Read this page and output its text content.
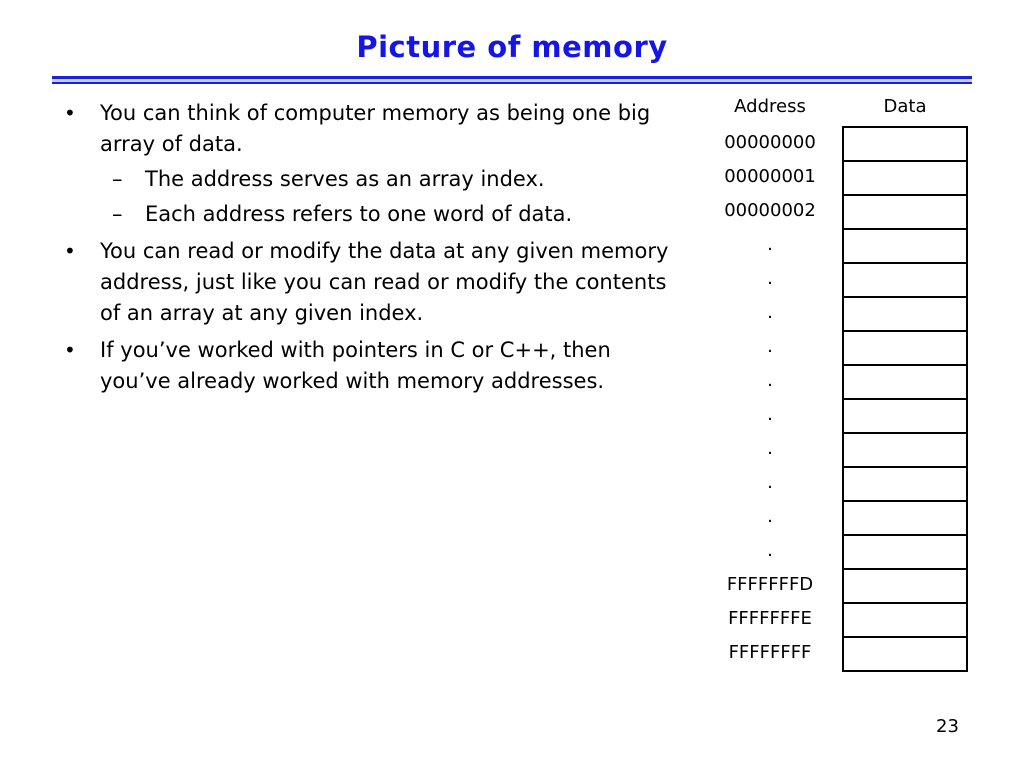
Picture of memory
• You can think of computer memory as being one big array of data.
– The address serves as an array index.
– Each address refers to one word of data.
• You can read or modify the data at any given memory address, just like you can read or modify the contents of an array at any given index.
• If you’ve worked with pointers in C or C++, then you’ve already worked with memory addresses.
Address	Data
00000000
00000001
00000002
.
.
.
.
.
.
.
.
.
.
FFFFFFFD
FFFFFFFE
FFFFFFFF
23
